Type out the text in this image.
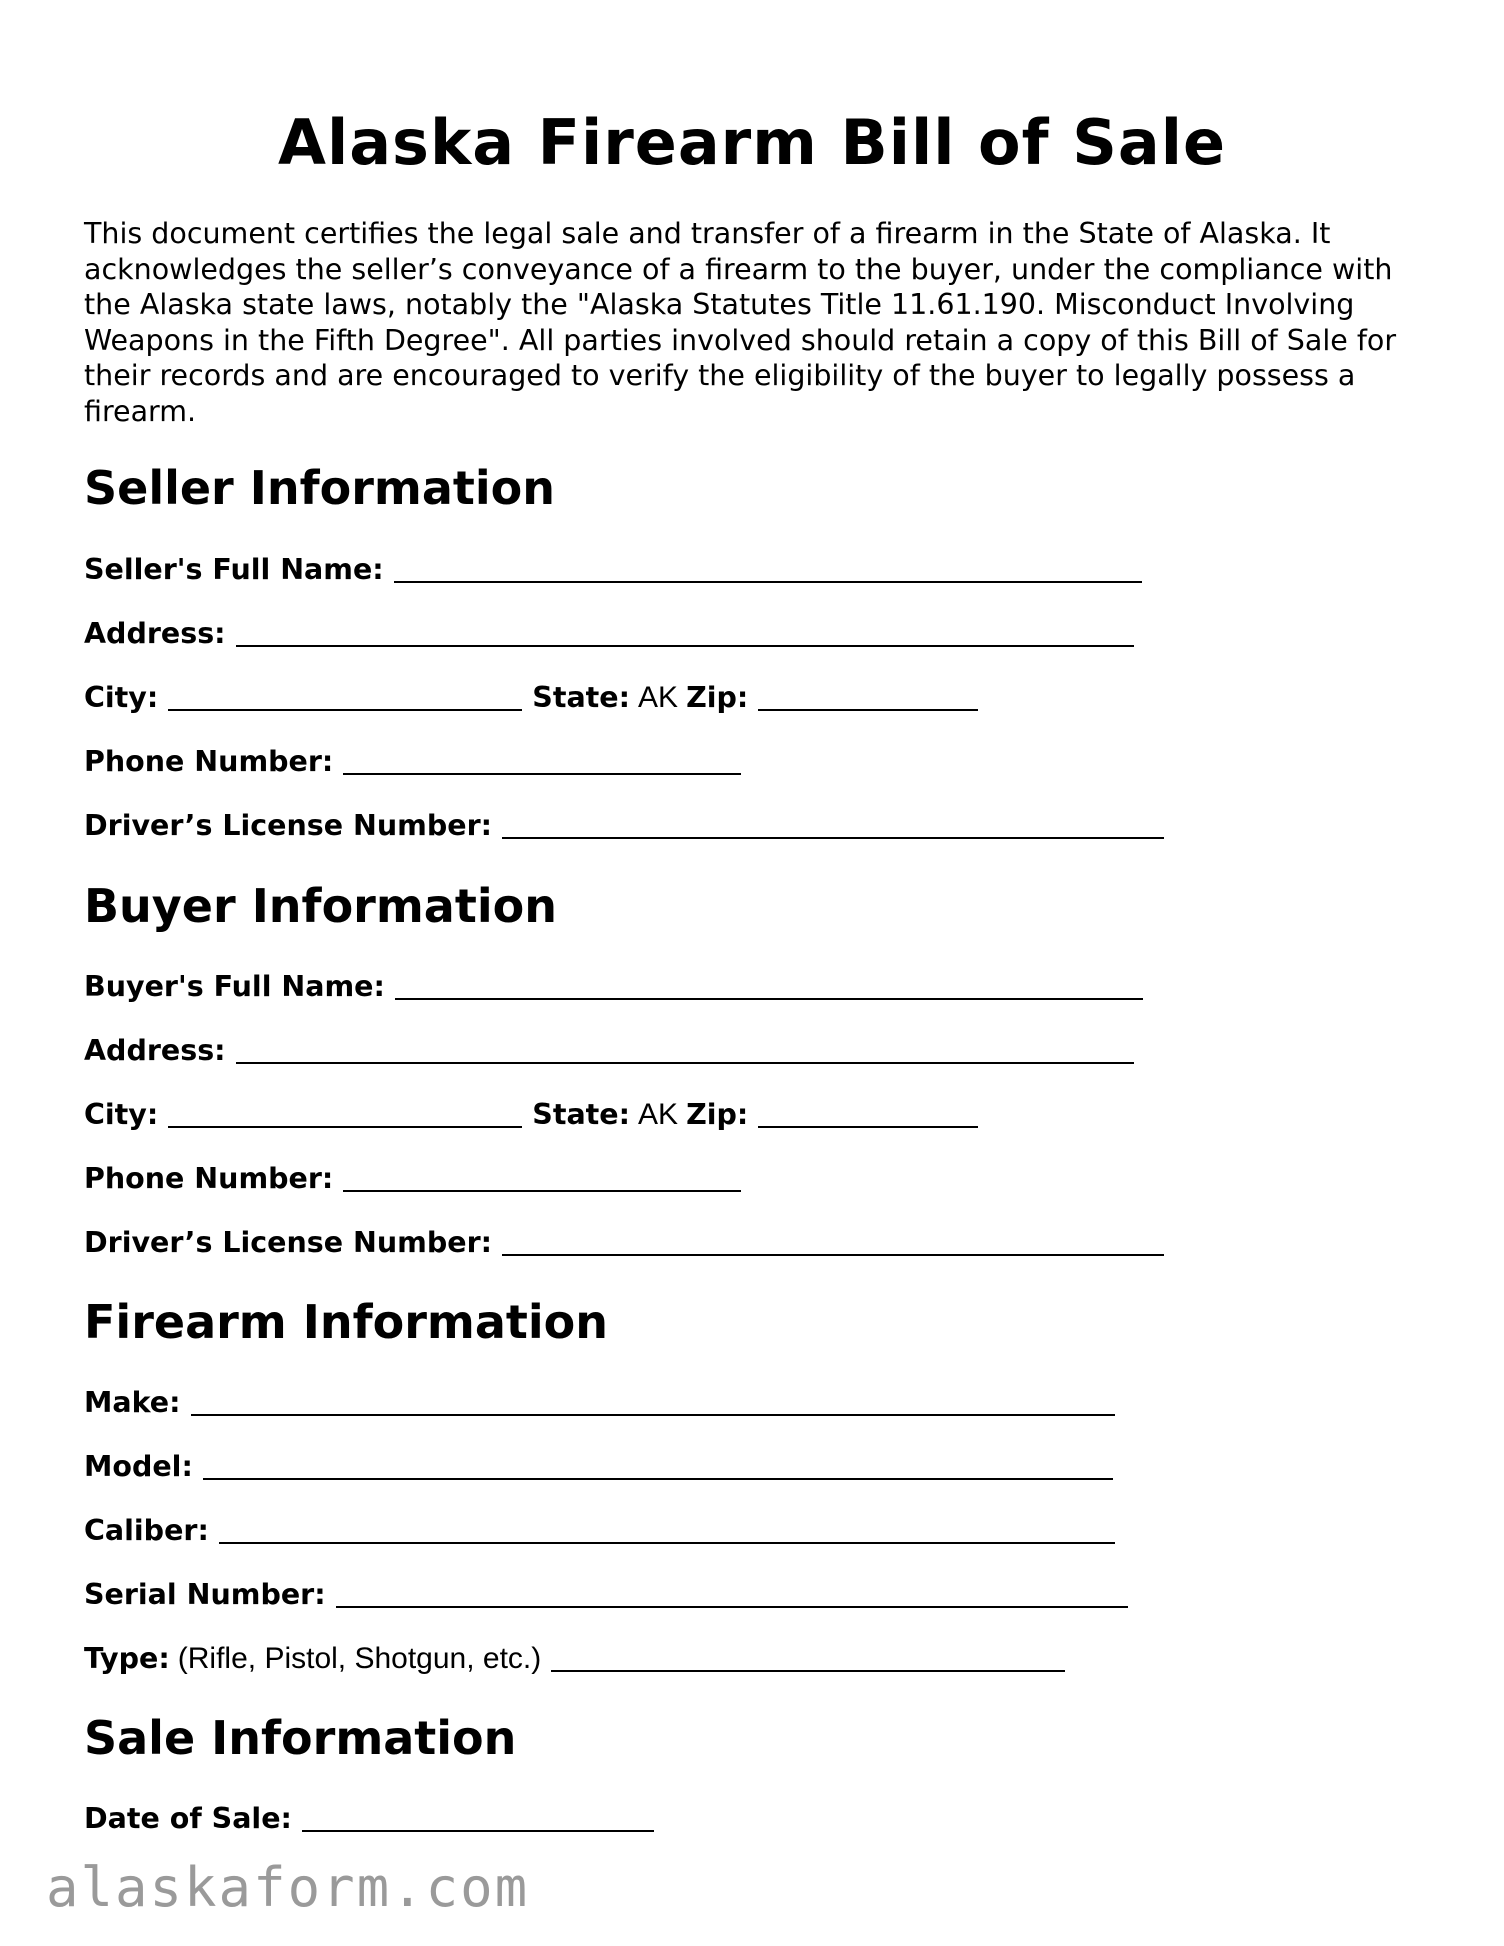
Alaska Firearm Bill of Sale

This document certifies the legal sale and transfer of a firearm in the State of Alaska. It acknowledges the seller’s conveyance of a firearm to the buyer, under the compliance with the Alaska state laws, notably the "Alaska Statutes Title 11.61.190. Misconduct Involving Weapons in the Fifth Degree". All parties involved should retain a copy of this Bill of Sale for their records and are encouraged to verify the eligibility of the buyer to legally possess a firearm.

Seller Information
Seller's Full Name:
Address:
City:	State: AK Zip:
Phone Number:
Driver’s License Number:
Buyer Information
Buyer's Full Name:
Address:
City:	State: AK Zip:
Phone Number:
Driver’s License Number:
Firearm Information
Make:
Model:
Caliber:
Serial Number:
Type: (Rifle, Pistol, Shotgun, etc.)
Sale Information
Date of Sale:
alaskaform.com
